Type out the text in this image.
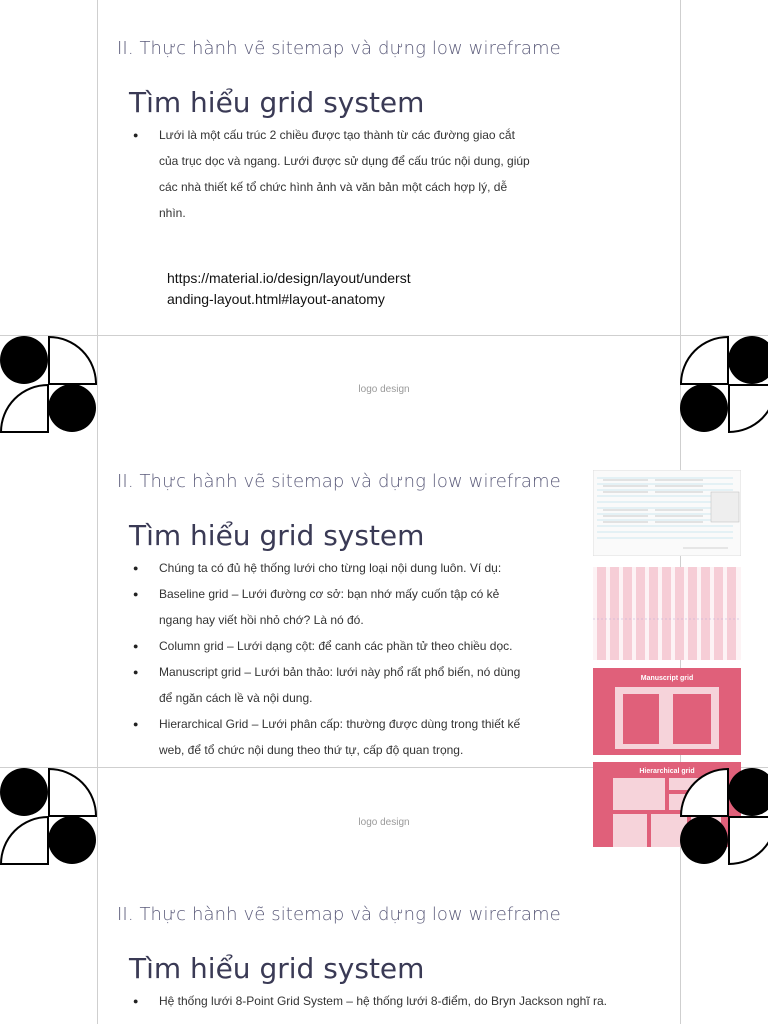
II. Thực hành vẽ sitemap và dựng low wireframe
Tìm hiểu grid system
● Lưới là một cấu trúc 2 chiều được tạo thành từ các đường giao cắt của trục dọc và ngang. Lưới được sử dụng để cấu trúc nội dung, giúp các nhà thiết kế tổ chức hình ảnh và văn bản một cách hợp lý, dễ nhìn.
https://material.io/design/layout/understanding-layout.html#layout-anatomy
logo design
II. Thực hành vẽ sitemap và dựng low wireframe
Tìm hiểu grid system
● Chúng ta có đủ hệ thống lưới cho từng loại nội dung luôn. Ví dụ:
● Baseline grid – Lưới đường cơ sở: bạn nhớ mấy cuốn tập có kẻ ngang hay viết hồi nhỏ chớ? Là nó đó.
● Column grid – Lưới dạng cột: để canh các phần tử theo chiều dọc.
● Manuscript grid – Lưới bản thảo: lưới này phổ rất phổ biến, nó dùng để ngăn cách lề và nội dung.
● Hierarchical Grid – Lưới phân cấp: thường được dùng trong thiết kế web, để tổ chức nội dung theo thứ tự, cấp độ quan trọng.
Manuscript grid
Hierarchical grid
logo design
II. Thực hành vẽ sitemap và dựng low wireframe
Tìm hiểu grid system
● Hệ thống lưới 8-Point Grid System – hệ thống lưới 8-điểm, do Bryn Jackson nghĩ ra.
